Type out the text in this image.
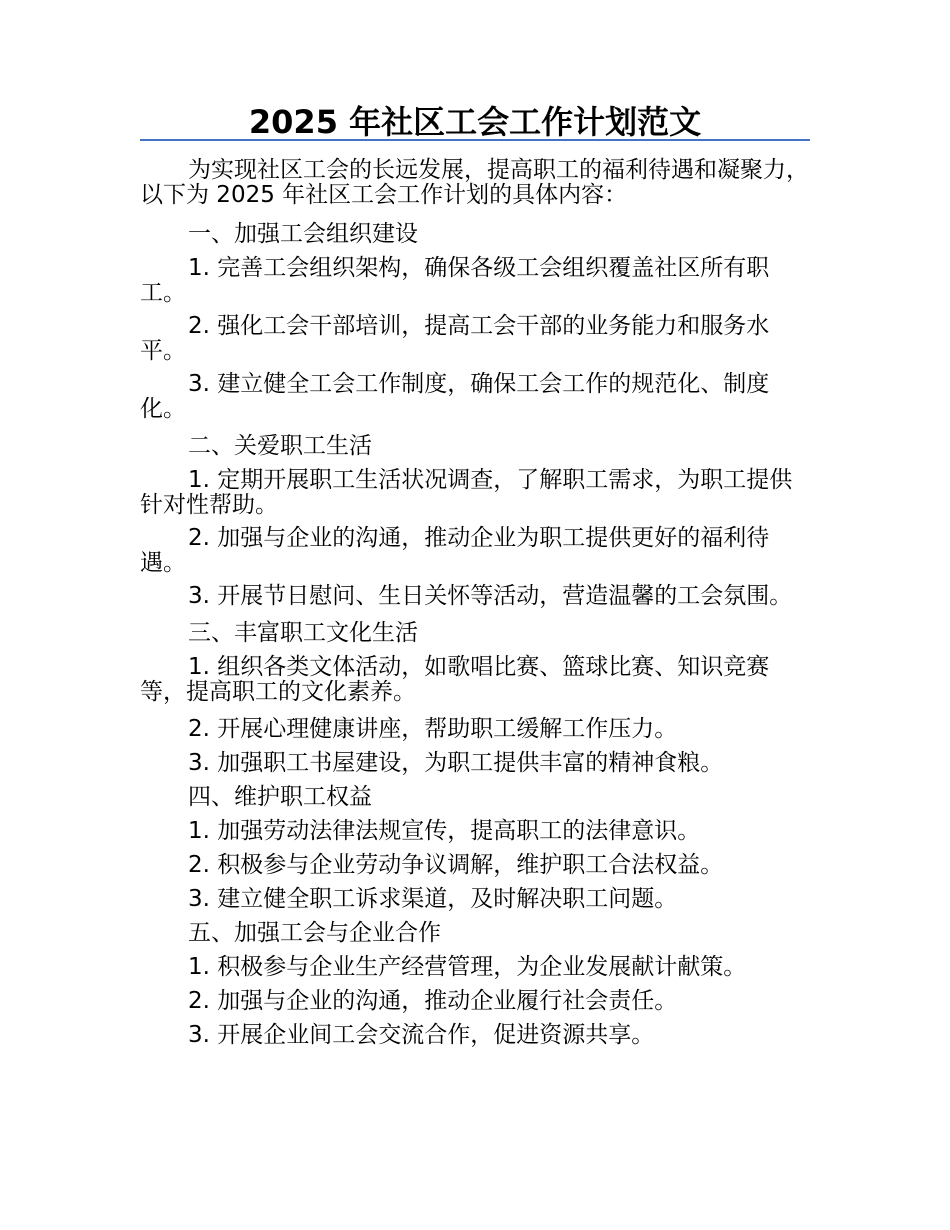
2025 年社区工会工作计划范文

为实现社区工会的长远发展，提高职工的福利待遇和凝聚力，以下为 2025 年社区工会工作计划的具体内容：

一、加强工会组织建设

1. 完善工会组织架构，确保各级工会组织覆盖社区所有职工。

2. 强化工会干部培训，提高工会干部的业务能力和服务水平。

3. 建立健全工会工作制度，确保工会工作的规范化、制度化。

二、关爱职工生活

1. 定期开展职工生活状况调查，了解职工需求，为职工提供针对性帮助。

2. 加强与企业的沟通，推动企业为职工提供更好的福利待遇。

3. 开展节日慰问、生日关怀等活动，营造温馨的工会氛围。

三、丰富职工文化生活

1. 组织各类文体活动，如歌唱比赛、篮球比赛、知识竞赛等，提高职工的文化素养。

2. 开展心理健康讲座，帮助职工缓解工作压力。

3. 加强职工书屋建设，为职工提供丰富的精神食粮。

四、维护职工权益

1. 加强劳动法律法规宣传，提高职工的法律意识。

2. 积极参与企业劳动争议调解，维护职工合法权益。

3. 建立健全职工诉求渠道，及时解决职工问题。

五、加强工会与企业合作

1. 积极参与企业生产经营管理，为企业发展献计献策。

2. 加强与企业的沟通，推动企业履行社会责任。

3. 开展企业间工会交流合作，促进资源共享。
